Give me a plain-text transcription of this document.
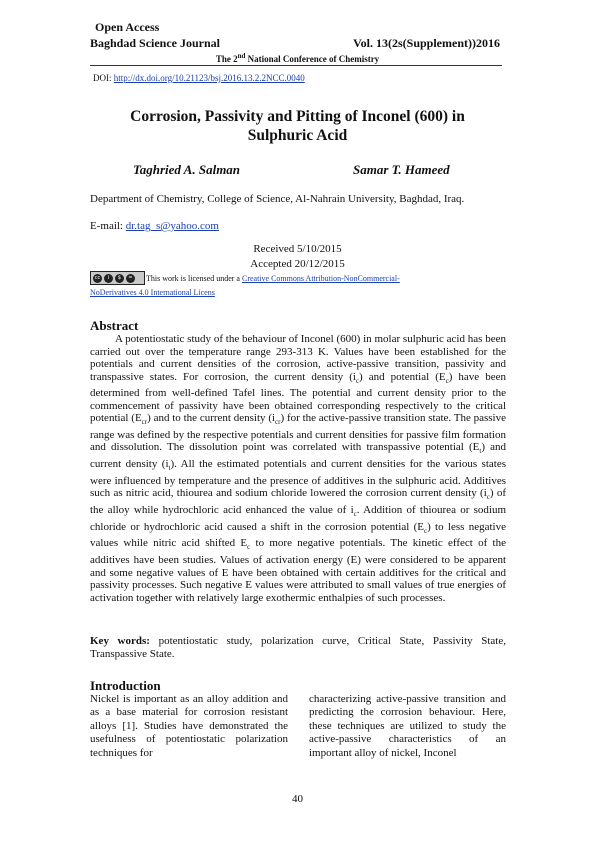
Open Access
Baghdad Science Journal	Vol. 13(2s(Supplement))2016
The 2nd National Conference of Chemistry
DOI: http://dx.doi.org/10.21123/bsj.2016.13.2.2NCC.0040
Corrosion, Passivity and Pitting of Inconel (600) in
Sulphuric Acid
Taghried A. Salman	Samar T. Hameed
Department of Chemistry, College of Science, Al-Nahrain University, Baghdad, Iraq.
E-mail: dr.tag_s@yahoo.com
Received 5/10/2015
Accepted 20/12/2015
cc	i	$	=	This work is licensed under a Creative Commons Attribution-NonCommercial-
NoDerivatives 4.0 International Licens
Abstract
A potentiostatic study of the behaviour of Inconel (600) in molar sulphuric acid has been carried out over the temperature range 293-313 K. Values have been established for the potentials and current densities of the corrosion, active-passive transition, passivity and transpassive states. For corrosion, the current density $(i_c)$ and potential $(E_c)$ have been determined from well-defined Tafel lines. The potential and current density prior to the commencement of passivity have been obtained corresponding respectively to the critical potential $(E_{cr})$ and to the current density $(i_{cr})$ for the active-passive transition state. The passive range was defined by the respective potentials and current densities for passive film formation and dissolution. The dissolution point was correlated with transpassive potential $(E_t)$ and current density $(i_t)$. All the estimated potentials and current densities for the various states were influenced by temperature and the presence of additives in the sulphuric acid. Additives such as nitric acid, thiourea and sodium chloride lowered the corrosion current density $(i_c)$ of the alloy while hydrochloric acid enhanced the value of $i_c$. Addition of thiourea or sodium chloride or hydrochloric acid caused a shift in the corrosion potential $(E_c)$ to less negative values while nitric acid shifted $E_c$ to more negative potentials. The kinetic effect of the additives have been studies. Values of activation energy (E) were considered to be apparent and some negative values of E have been obtained with certain additives for the critical and passivity processes. Such negative E values were attributed to small values of true energies of activation together with relatively large exothermic enthalpies of such processes.
Key words: potentiostatic study, polarization curve, Critical State, Passivity State, Transpassive State.
Introduction
Nickel is important as an alloy addition and as a base material for corrosion resistant alloys [1]. Studies have demonstrated the usefulness of potentiostatic polarization techniques for
characterizing active-passive transition and predicting the corrosion behaviour. Here, these techniques are utilized to study the active-passive characteristics of an important alloy of nickel, Inconel
40
